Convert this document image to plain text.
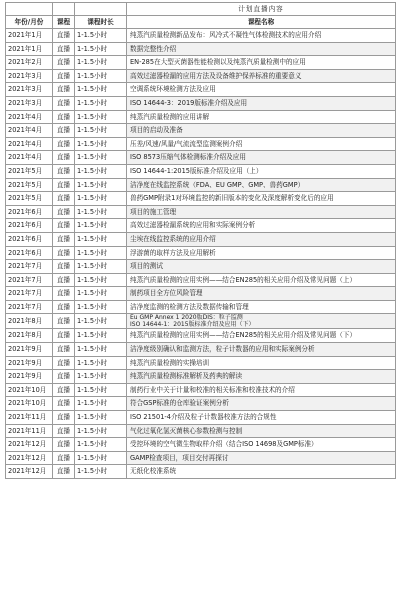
			计划直播内容
年份/月份	课程	课程时长	课程名称
2021年1月	直播	1-1.5小时	纯蒸汽质量检测新品发布：风冷式不凝性气体检测技术的应用介绍
2021年1月	直播	1-1.5小时	数据完整性介绍
2021年2月	直播	1-1.5小时	EN-285在大型灭菌器性能检测以及纯蒸汽质量检测中的应用
2021年3月	直播	1-1.5小时	高效过滤器检漏的应用方法及设备维护保养标准的重要意义
2021年3月	直播	1-1.5小时	空调系统环境检测方法及应用
2021年3月	直播	1-1.5小时	ISO 14644-3：2019版标准介绍及应用
2021年4月	直播	1-1.5小时	纯蒸汽质量检测的应用讲解
2021年4月	直播	1-1.5小时	项目的启动及准备
2021年4月	直播	1-1.5小时	压差/风速/风量/气流流型监测案例介绍
2021年4月	直播	1-1.5小时	ISO 8573压缩气体检测标准介绍及应用
2021年5月	直播	1-1.5小时	ISO 14644-1:2015版标准介绍及应用（上）
2021年5月	直播	1-1.5小时	洁净度在线监控系统（FDA、EU GMP、GMP、兽药GMP）
2021年5月	直播	1-1.5小时	兽药GMP附录1对环境监控的新旧版本的变化及深度解析变化后的应用
2021年6月	直播	1-1.5小时	项目的施工管理
2021年6月	直播	1-1.5小时	高效过滤器检漏系统的应用和实际案例分析
2021年6月	直播	1-1.5小时	尘埃在线监控系统的应用介绍
2021年6月	直播	1-1.5小时	浮游菌的取样方法及应用解析
2021年7月	直播	1-1.5小时	项目的测试
2021年7月	直播	1-1.5小时	纯蒸汽质量检测的应用实例——结合EN285的相关应用介绍及常见问题（上）
2021年7月	直播	1-1.5小时	制药项目全方位风险管理
2021年7月	直播	1-1.5小时	洁净度监测的检测方法及数据传输和管理
2021年8月	直播	1-1.5小时	Eu GMP Annex 1 2020版DIS：粒子监测
ISO 14644-1：2015版标准介绍及应用（下）
2021年8月	直播	1-1.5小时	纯蒸汽质量检测的应用实例——结合EN285的相关应用介绍及常见问题（下）
2021年9月	直播	1-1.5小时	洁净度级别确认和监测方法，粒子计数器的应用和实际案例分析
2021年9月	直播	1-1.5小时	纯蒸汽质量检测的实操培训
2021年9月	直播	1-1.5小时	纯蒸汽质量检测标准解析及药典的解读
2021年10月	直播	1-1.5小时	制药行业中关于计量和校准的相关标准和校准技术的介绍
2021年10月	直播	1-1.5小时	符合GSP标准的仓库验证案例分析
2021年11月	直播	1-1.5小时	ISO 21501-4介绍及粒子计数器校准方法的合规性
2021年11月	直播	1-1.5小时	气化过氧化氢灭菌核心参数检测与控制
2021年12月	直播	1-1.5小时	受控环境的空气微生物取样介绍（结合ISO 14698及GMP标准）
2021年12月	直播	1-1.5小时	GAMP检查项目，项目交付再探讨
2021年12月	直播	1-1.5小时	无纸化校准系统
